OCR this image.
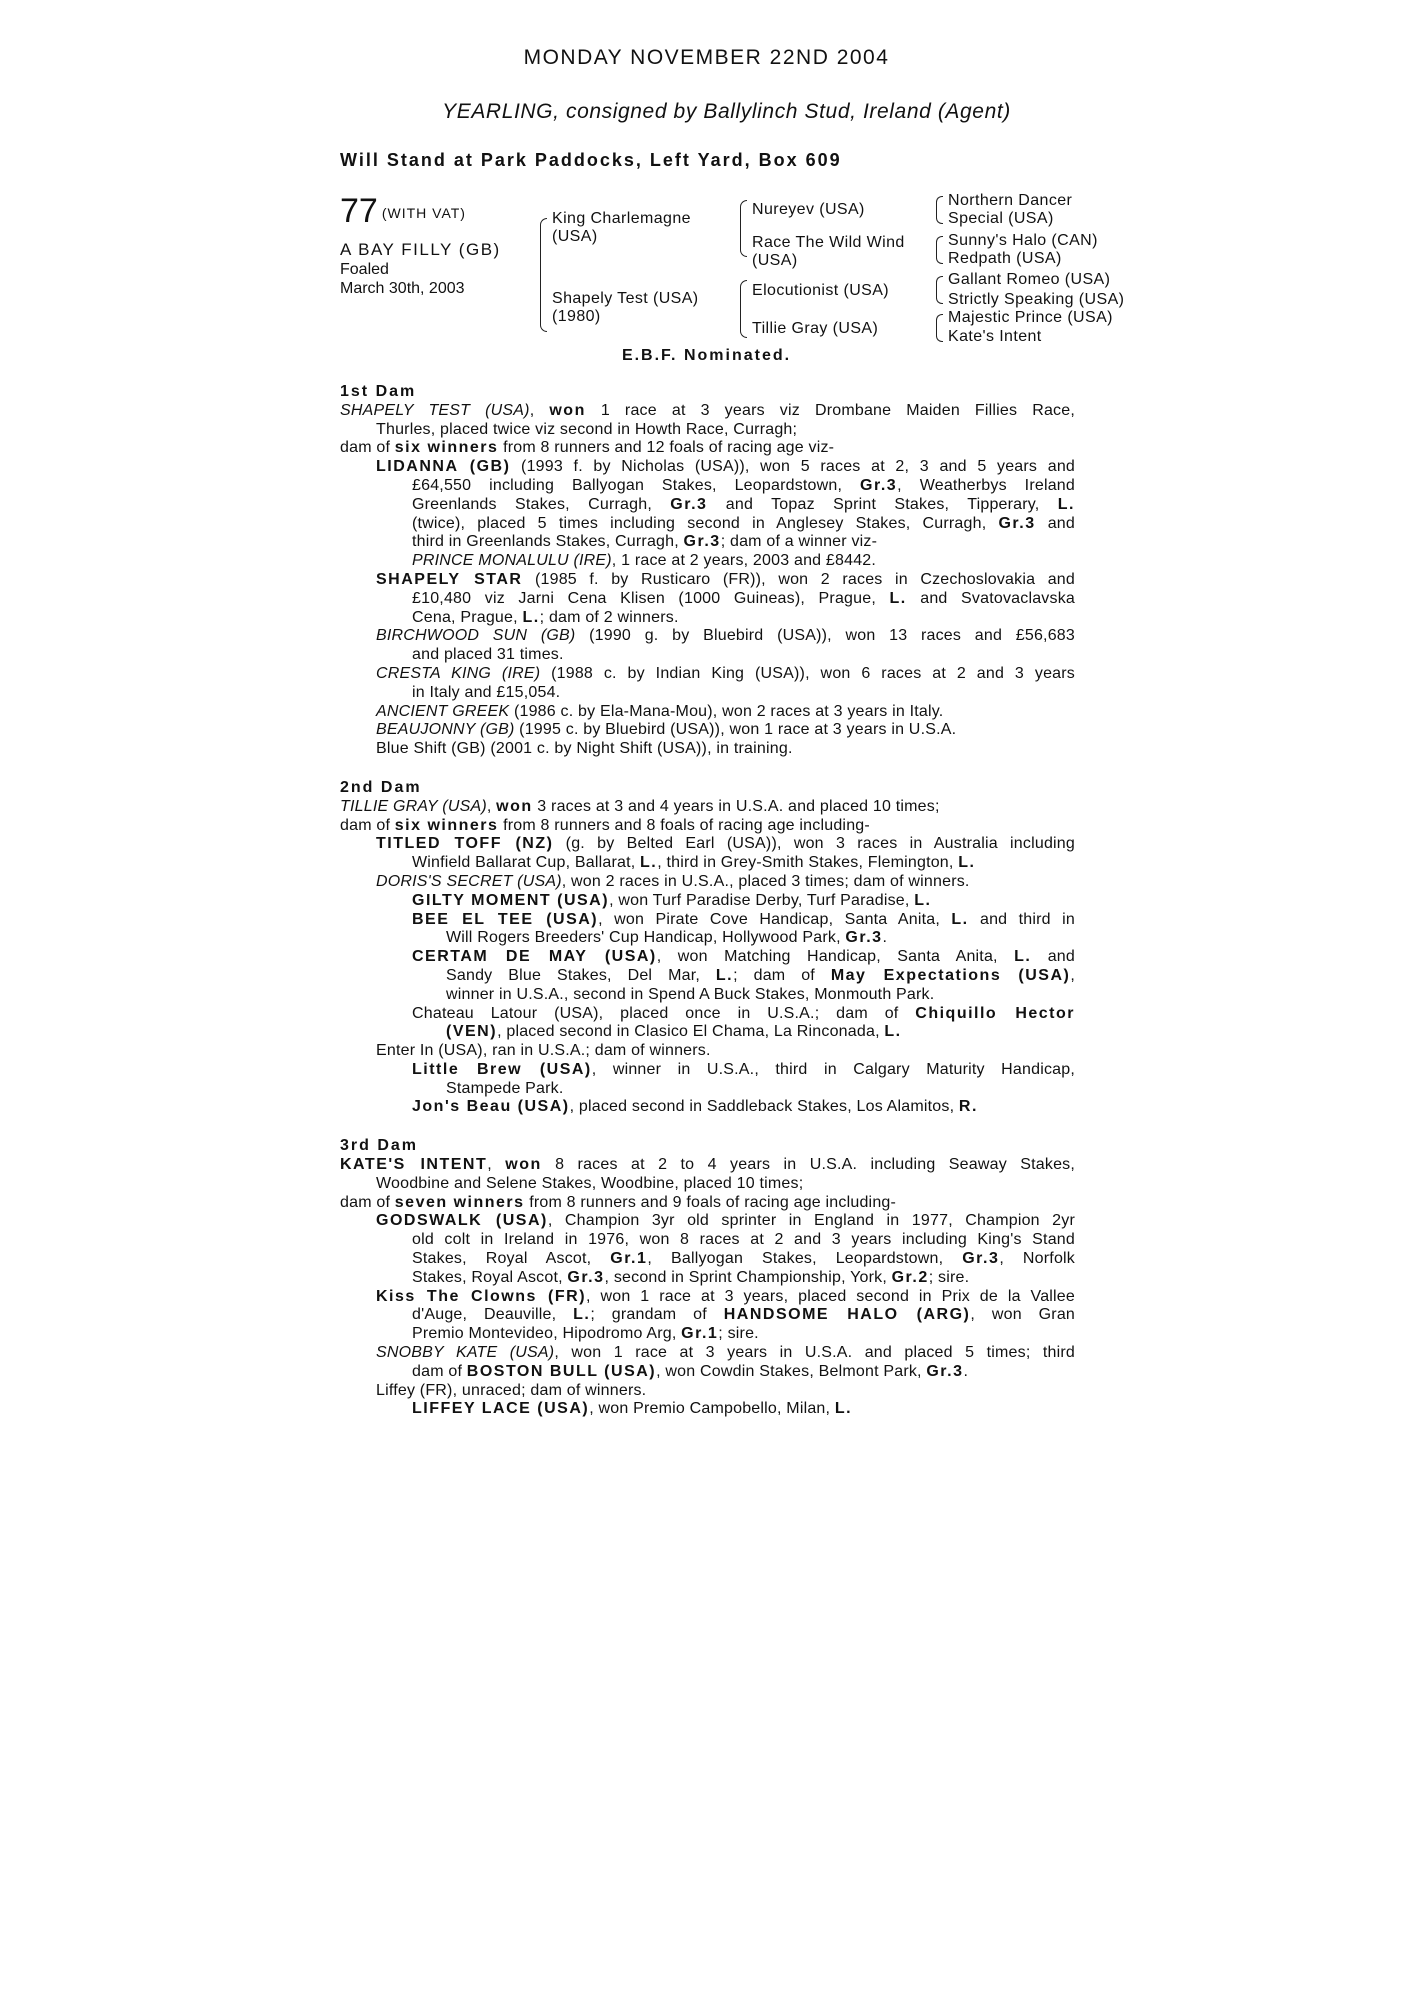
MONDAY NOVEMBER 22ND 2004
YEARLING, consigned by Ballylinch Stud, Ireland (Agent)
Will Stand at Park Paddocks, Left Yard, Box 609
77 (WITH VAT)
A BAY FILLY (GB)
Foaled
March 30th, 2003
King Charlemagne
(USA)
Shapely Test (USA)
(1980)
Nureyev (USA)
Race The Wild Wind
(USA)
Elocutionist (USA)
Tillie Gray (USA)
Northern Dancer
Special (USA)
Sunny's Halo (CAN)
Redpath (USA)
Gallant Romeo (USA)
Strictly Speaking (USA)
Majestic Prince (USA)
Kate's Intent
E.B.F. Nominated.
1st Dam
SHAPELY TEST (USA), won 1 race at 3 years viz Drombane Maiden Fillies Race,
Thurles, placed twice viz second in Howth Race, Curragh;
dam of six winners from 8 runners and 12 foals of racing age viz-
LIDANNA (GB) (1993 f. by Nicholas (USA)), won 5 races at 2, 3 and 5 years and
£64,550 including Ballyogan Stakes, Leopardstown, Gr.3, Weatherbys Ireland
Greenlands Stakes, Curragh, Gr.3 and Topaz Sprint Stakes, Tipperary, L.
(twice), placed 5 times including second in Anglesey Stakes, Curragh, Gr.3 and
third in Greenlands Stakes, Curragh, Gr.3; dam of a winner viz-
PRINCE MONALULU (IRE), 1 race at 2 years, 2003 and £8442.
SHAPELY STAR (1985 f. by Rusticaro (FR)), won 2 races in Czechoslovakia and
£10,480 viz Jarni Cena Klisen (1000 Guineas), Prague, L. and Svatovaclavska
Cena, Prague, L.; dam of 2 winners.
BIRCHWOOD SUN (GB) (1990 g. by Bluebird (USA)), won 13 races and £56,683
and placed 31 times.
CRESTA KING (IRE) (1988 c. by Indian King (USA)), won 6 races at 2 and 3 years
in Italy and £15,054.
ANCIENT GREEK (1986 c. by Ela-Mana-Mou), won 2 races at 3 years in Italy.
BEAUJONNY (GB) (1995 c. by Bluebird (USA)), won 1 race at 3 years in U.S.A.
Blue Shift (GB) (2001 c. by Night Shift (USA)), in training.
2nd Dam
TILLIE GRAY (USA), won 3 races at 3 and 4 years in U.S.A. and placed 10 times;
dam of six winners from 8 runners and 8 foals of racing age including-
TITLED TOFF (NZ) (g. by Belted Earl (USA)), won 3 races in Australia including
Winfield Ballarat Cup, Ballarat, L., third in Grey-Smith Stakes, Flemington, L.
DORIS'S SECRET (USA), won 2 races in U.S.A., placed 3 times; dam of winners.
GILTY MOMENT (USA), won Turf Paradise Derby, Turf Paradise, L.
BEE EL TEE (USA), won Pirate Cove Handicap, Santa Anita, L. and third in
Will Rogers Breeders' Cup Handicap, Hollywood Park, Gr.3.
CERTAM DE MAY (USA), won Matching Handicap, Santa Anita, L. and
Sandy Blue Stakes, Del Mar, L.; dam of May Expectations (USA),
winner in U.S.A., second in Spend A Buck Stakes, Monmouth Park.
Chateau Latour (USA), placed once in U.S.A.; dam of Chiquillo Hector
(VEN), placed second in Clasico El Chama, La Rinconada, L.
Enter In (USA), ran in U.S.A.; dam of winners.
Little Brew (USA), winner in U.S.A., third in Calgary Maturity Handicap,
Stampede Park.
Jon's Beau (USA), placed second in Saddleback Stakes, Los Alamitos, R.
3rd Dam
KATE'S INTENT, won 8 races at 2 to 4 years in U.S.A. including Seaway Stakes,
Woodbine and Selene Stakes, Woodbine, placed 10 times;
dam of seven winners from 8 runners and 9 foals of racing age including-
GODSWALK (USA), Champion 3yr old sprinter in England in 1977, Champion 2yr
old colt in Ireland in 1976, won 8 races at 2 and 3 years including King's Stand
Stakes, Royal Ascot, Gr.1, Ballyogan Stakes, Leopardstown, Gr.3, Norfolk
Stakes, Royal Ascot, Gr.3, second in Sprint Championship, York, Gr.2; sire.
Kiss The Clowns (FR), won 1 race at 3 years, placed second in Prix de la Vallee
d'Auge, Deauville, L.; grandam of HANDSOME HALO (ARG), won Gran
Premio Montevideo, Hipodromo Arg, Gr.1; sire.
SNOBBY KATE (USA), won 1 race at 3 years in U.S.A. and placed 5 times; third
dam of BOSTON BULL (USA), won Cowdin Stakes, Belmont Park, Gr.3.
Liffey (FR), unraced; dam of winners.
LIFFEY LACE (USA), won Premio Campobello, Milan, L.
